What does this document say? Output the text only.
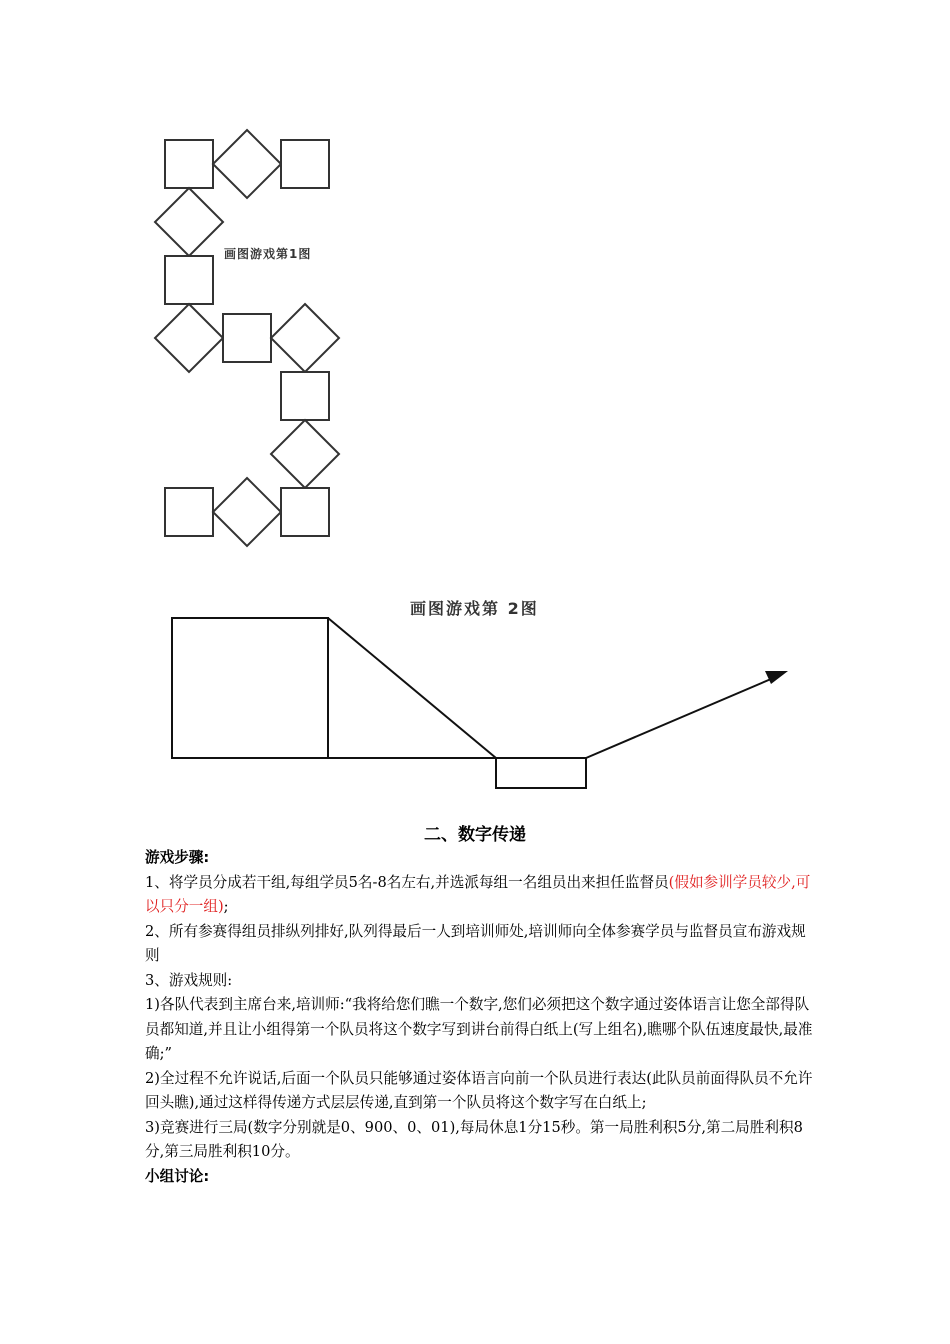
画图游戏第1图
画图游戏第 2图
二、数字传递

游戏步骤:

1、将学员分成若干组,每组学员5名-8名左右,并选派每组一名组员出来担任监督员(假如参训学员较少,可以只分一组);

2、所有参赛得组员排纵列排好,队列得最后一人到培训师处,培训师向全体参赛学员与监督员宣布游戏规则

3、游戏规则:

1)各队代表到主席台来,培训师:“我将给您们瞧一个数字,您们必须把这个数字通过姿体语言让您全部得队员都知道,并且让小组得第一个队员将这个数字写到讲台前得白纸上(写上组名),瞧哪个队伍速度最快,最准确;”

2)全过程不允许说话,后面一个队员只能够通过姿体语言向前一个队员进行表达(此队员前面得队员不允许回头瞧),通过这样得传递方式层层传递,直到第一个队员将这个数字写在白纸上;

3)竞赛进行三局(数字分别就是0、900、0、01),每局休息1分15秒。第一局胜利积5分,第二局胜利积8分,第三局胜利积10分。

小组讨论:
